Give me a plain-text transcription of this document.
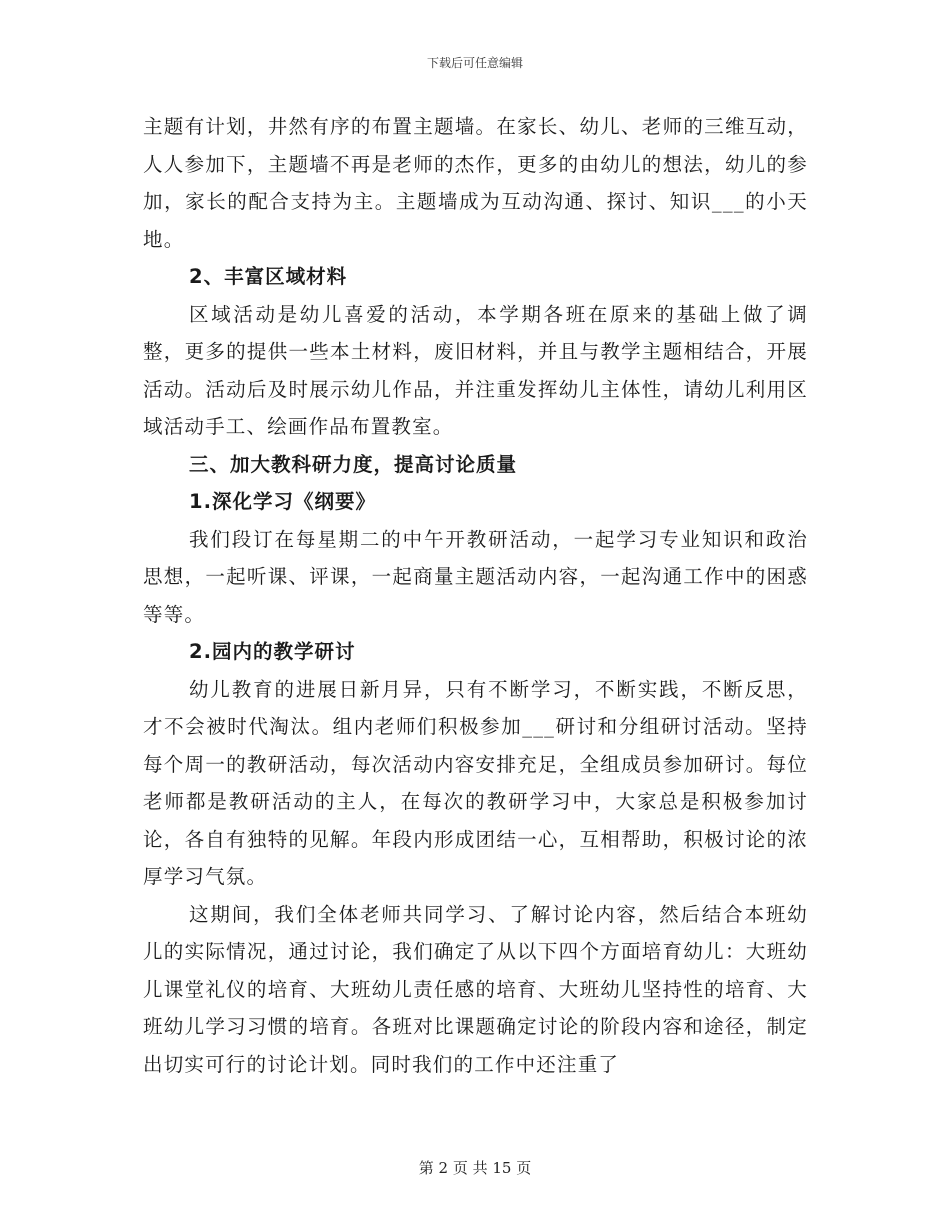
下载后可任意编辑

主题有计划，井然有序的布置主题墙。在家长、幼儿、老师的三维互动，人人参加下，主题墙不再是老师的杰作，更多的由幼儿的想法，幼儿的参加，家长的配合支持为主。主题墙成为互动沟通、探讨、知识___的小天地。

2、丰富区域材料

区域活动是幼儿喜爱的活动，本学期各班在原来的基础上做了调整，更多的提供一些本土材料，废旧材料，并且与教学主题相结合，开展活动。活动后及时展示幼儿作品，并注重发挥幼儿主体性，请幼儿利用区域活动手工、绘画作品布置教室。

三、加大教科研力度，提高讨论质量

1.深化学习《纲要》

我们段订在每星期二的中午开教研活动，一起学习专业知识和政治思想，一起听课、评课，一起商量主题活动内容，一起沟通工作中的困惑等等。

2.园内的教学研讨

幼儿教育的进展日新月异，只有不断学习，不断实践，不断反思，才不会被时代淘汰。组内老师们积极参加___研讨和分组研讨活动。坚持每个周一的教研活动，每次活动内容安排充足，全组成员参加研讨。每位老师都是教研活动的主人，在每次的教研学习中，大家总是积极参加讨论，各自有独特的见解。年段内形成团结一心，互相帮助，积极讨论的浓厚学习气氛。

这期间，我们全体老师共同学习、了解讨论内容，然后结合本班幼儿的实际情况，通过讨论，我们确定了从以下四个方面培育幼儿：大班幼儿课堂礼仪的培育、大班幼儿责任感的培育、大班幼儿坚持性的培育、大班幼儿学习习惯的培育。各班对比课题确定讨论的阶段内容和途径，制定出切实可行的讨论计划。同时我们的工作中还注重了

第 2 页 共 15 页
